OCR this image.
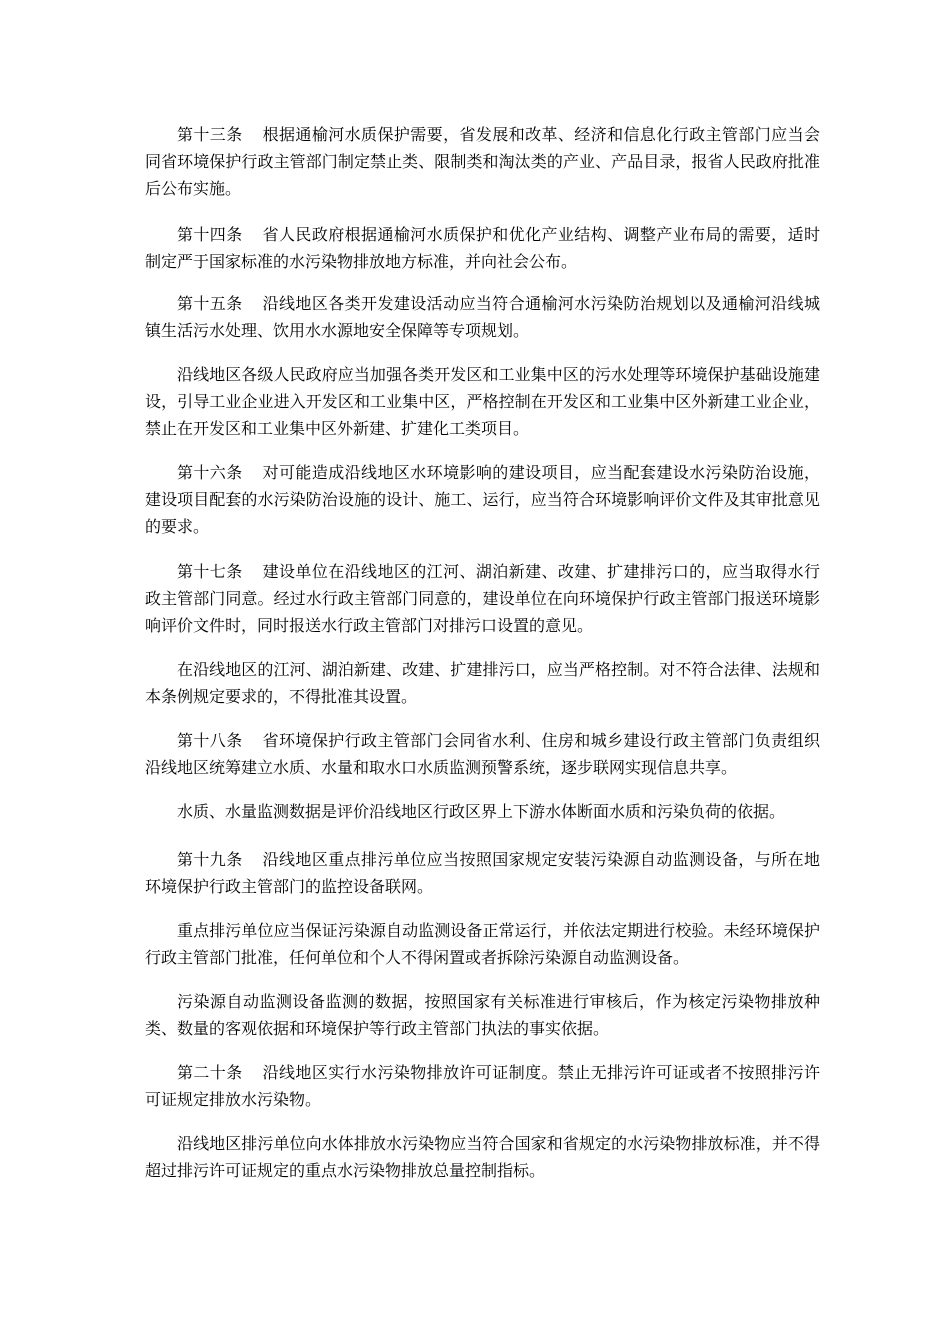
第十三条 根据通榆河水质保护需要，省发展和改革、经济和信息化行政主管部门应当会同省环境保护行政主管部门制定禁止类、限制类和淘汰类的产业、产品目录，报省人民政府批准后公布实施。

第十四条 省人民政府根据通榆河水质保护和优化产业结构、调整产业布局的需要，适时制定严于国家标准的水污染物排放地方标准，并向社会公布。

第十五条 沿线地区各类开发建设活动应当符合通榆河水污染防治规划以及通榆河沿线城镇生活污水处理、饮用水水源地安全保障等专项规划。

沿线地区各级人民政府应当加强各类开发区和工业集中区的污水处理等环境保护基础设施建设，引导工业企业进入开发区和工业集中区，严格控制在开发区和工业集中区外新建工业企业，禁止在开发区和工业集中区外新建、扩建化工类项目。

第十六条 对可能造成沿线地区水环境影响的建设项目，应当配套建设水污染防治设施，建设项目配套的水污染防治设施的设计、施工、运行，应当符合环境影响评价文件及其审批意见的要求。

第十七条 建设单位在沿线地区的江河、湖泊新建、改建、扩建排污口的，应当取得水行政主管部门同意。经过水行政主管部门同意的，建设单位在向环境保护行政主管部门报送环境影响评价文件时，同时报送水行政主管部门对排污口设置的意见。

在沿线地区的江河、湖泊新建、改建、扩建排污口，应当严格控制。对不符合法律、法规和本条例规定要求的，不得批准其设置。

第十八条 省环境保护行政主管部门会同省水利、住房和城乡建设行政主管部门负责组织沿线地区统筹建立水质、水量和取水口水质监测预警系统，逐步联网实现信息共享。

水质、水量监测数据是评价沿线地区行政区界上下游水体断面水质和污染负荷的依据。

第十九条 沿线地区重点排污单位应当按照国家规定安装污染源自动监测设备，与所在地环境保护行政主管部门的监控设备联网。

重点排污单位应当保证污染源自动监测设备正常运行，并依法定期进行校验。未经环境保护行政主管部门批准，任何单位和个人不得闲置或者拆除污染源自动监测设备。

污染源自动监测设备监测的数据，按照国家有关标准进行审核后，作为核定污染物排放种类、数量的客观依据和环境保护等行政主管部门执法的事实依据。

第二十条 沿线地区实行水污染物排放许可证制度。禁止无排污许可证或者不按照排污许可证规定排放水污染物。

沿线地区排污单位向水体排放水污染物应当符合国家和省规定的水污染物排放标准，并不得超过排污许可证规定的重点水污染物排放总量控制指标。
